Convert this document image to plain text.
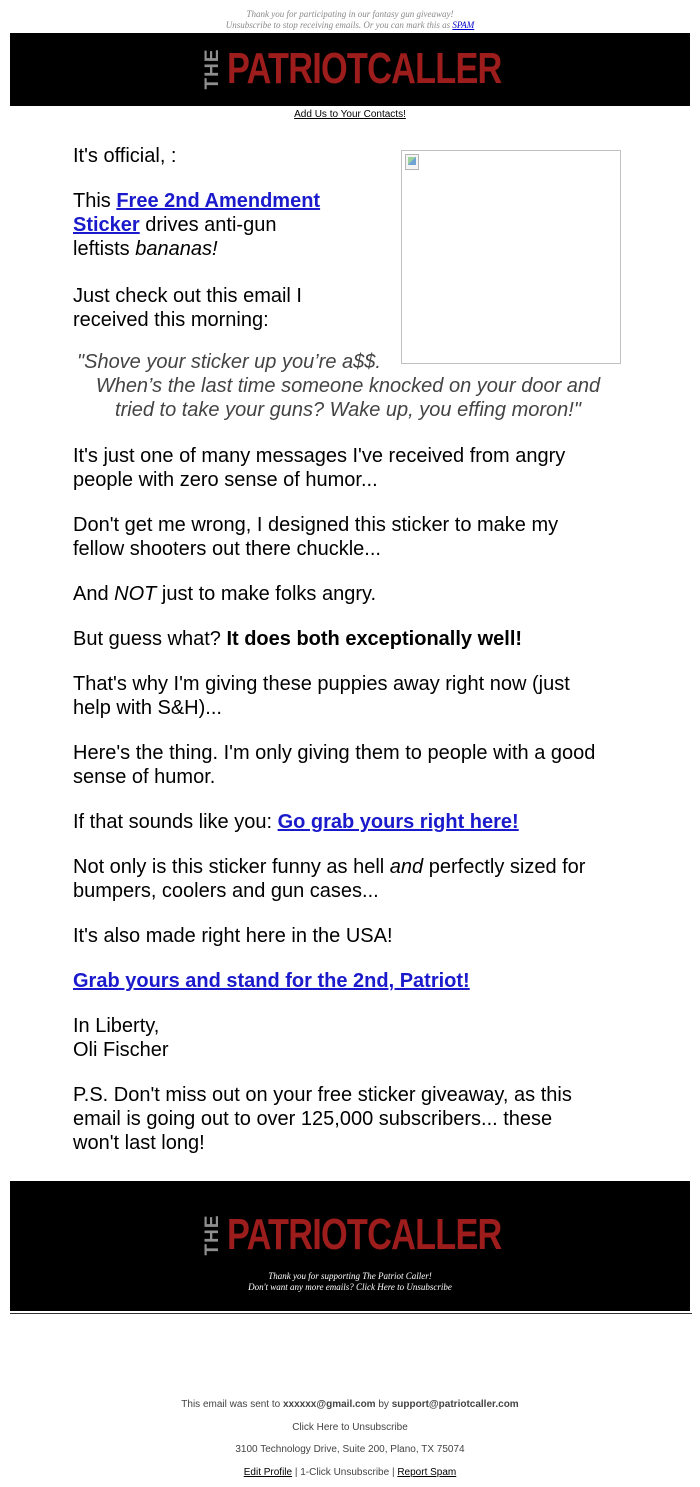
Thank you for participating in our fantasy gun giveaway!
Unsubscribe to stop receiving emails. Or you can mark this as SPAM
THE PATRIOTCALLER
Add Us to Your Contacts!

It's official, :

This Free 2nd Amendment

Sticker drives anti-gun

leftists bananas!

Just check out this email I

received this morning:

It's just one of many messages I've received from angry

people with zero sense of humor...

Don't get me wrong, I designed this sticker to make my

fellow shooters out there chuckle...

And NOT just to make folks angry.

But guess what? It does both exceptionally well!

That's why I'm giving these puppies away right now (just

help with S&H)...

Here's the thing. I'm only giving them to people with a good

sense of humor.

If that sounds like you: Go grab yours right here!

Not only is this sticker funny as hell and perfectly sized for

bumpers, coolers and gun cases...

It's also made right here in the USA!

Grab yours and stand for the 2nd, Patriot!

In Liberty,

Oli Fischer

P.S. Don't miss out on your free sticker giveaway, as this

email is going out to over 125,000 subscribers... these

won't last long!

"Shove your sticker up you’re a$$.
When’s the last time someone knocked on your door and
tried to take your guns? Wake up, you effing moron!"
THE PATRIOTCALLER
Thank you for supporting The Patriot Caller!
Don't want any more emails? Click Here to Unsubscribe
This email was sent to xxxxxx@gmail.com by support@patriotcaller.com
Click Here to Unsubscribe
3100 Technology Drive, Suite 200, Plano, TX 75074
Edit Profile | 1-Click Unsubscribe | Report Spam
